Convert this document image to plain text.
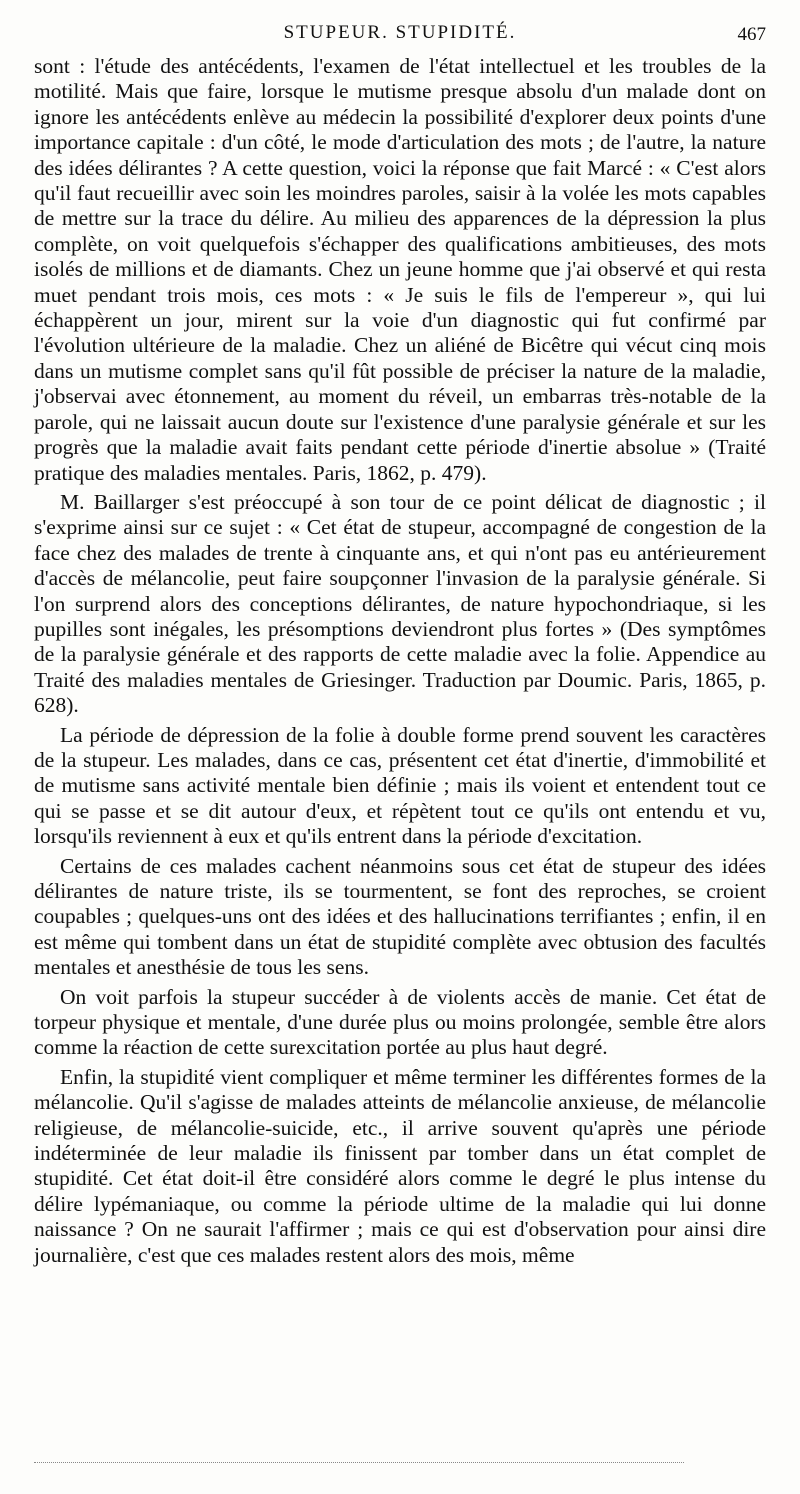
STUPEUR. STUPIDITÉ.	467

sont : l'étude des antécédents, l'examen de l'état intellectuel et les troubles de la motilité. Mais que faire, lorsque le mutisme presque absolu d'un malade dont on ignore les antécédents enlève au médecin la possibilité d'explorer deux points d'une importance capitale : d'un côté, le mode d'articulation des mots ; de l'autre, la nature des idées délirantes ? A cette question, voici la réponse que fait Marcé : « C'est alors qu'il faut recueillir avec soin les moindres paroles, saisir à la volée les mots capables de mettre sur la trace du délire. Au milieu des apparences de la dépression la plus complète, on voit quelquefois s'échapper des qualifications ambitieuses, des mots isolés de millions et de diamants. Chez un jeune homme que j'ai observé et qui resta muet pendant trois mois, ces mots : « Je suis le fils de l'empereur », qui lui échappèrent un jour, mirent sur la voie d'un diagnostic qui fut confirmé par l'évolution ultérieure de la maladie. Chez un aliéné de Bicêtre qui vécut cinq mois dans un mutisme complet sans qu'il fût possible de préciser la nature de la maladie, j'observai avec étonnement, au moment du réveil, un embarras très-notable de la parole, qui ne laissait aucun doute sur l'existence d'une paralysie générale et sur les progrès que la maladie avait faits pendant cette période d'inertie absolue » (Traité pratique des maladies mentales. Paris, 1862, p. 479).

M. Baillarger s'est préoccupé à son tour de ce point délicat de diagnostic ; il s'exprime ainsi sur ce sujet : « Cet état de stupeur, accompagné de congestion de la face chez des malades de trente à cinquante ans, et qui n'ont pas eu antérieurement d'accès de mélancolie, peut faire soupçonner l'invasion de la paralysie générale. Si l'on surprend alors des conceptions délirantes, de nature hypochondriaque, si les pupilles sont inégales, les présomptions deviendront plus fortes » (Des symptômes de la paralysie générale et des rapports de cette maladie avec la folie. Appendice au Traité des maladies mentales de Griesinger. Traduction par Doumic. Paris, 1865, p. 628).

La période de dépression de la folie à double forme prend souvent les caractères de la stupeur. Les malades, dans ce cas, présentent cet état d'inertie, d'immobilité et de mutisme sans activité mentale bien définie ; mais ils voient et entendent tout ce qui se passe et se dit autour d'eux, et répètent tout ce qu'ils ont entendu et vu, lorsqu'ils reviennent à eux et qu'ils entrent dans la période d'excitation.

Certains de ces malades cachent néanmoins sous cet état de stupeur des idées délirantes de nature triste, ils se tourmentent, se font des reproches, se croient coupables ; quelques-uns ont des idées et des hallucinations terrifiantes ; enfin, il en est même qui tombent dans un état de stupidité complète avec obtusion des facultés mentales et anesthésie de tous les sens.

On voit parfois la stupeur succéder à de violents accès de manie. Cet état de torpeur physique et mentale, d'une durée plus ou moins prolongée, semble être alors comme la réaction de cette surexcitation portée au plus haut degré.

Enfin, la stupidité vient compliquer et même terminer les différentes formes de la mélancolie. Qu'il s'agisse de malades atteints de mélancolie anxieuse, de mélancolie religieuse, de mélancolie-suicide, etc., il arrive souvent qu'après une période indéterminée de leur maladie ils finissent par tomber dans un état complet de stupidité. Cet état doit-il être considéré alors comme le degré le plus intense du délire lypémaniaque, ou comme la période ultime de la maladie qui lui donne naissance ? On ne saurait l'affirmer ; mais ce qui est d'observation pour ainsi dire journalière, c'est que ces malades restent alors des mois, même
